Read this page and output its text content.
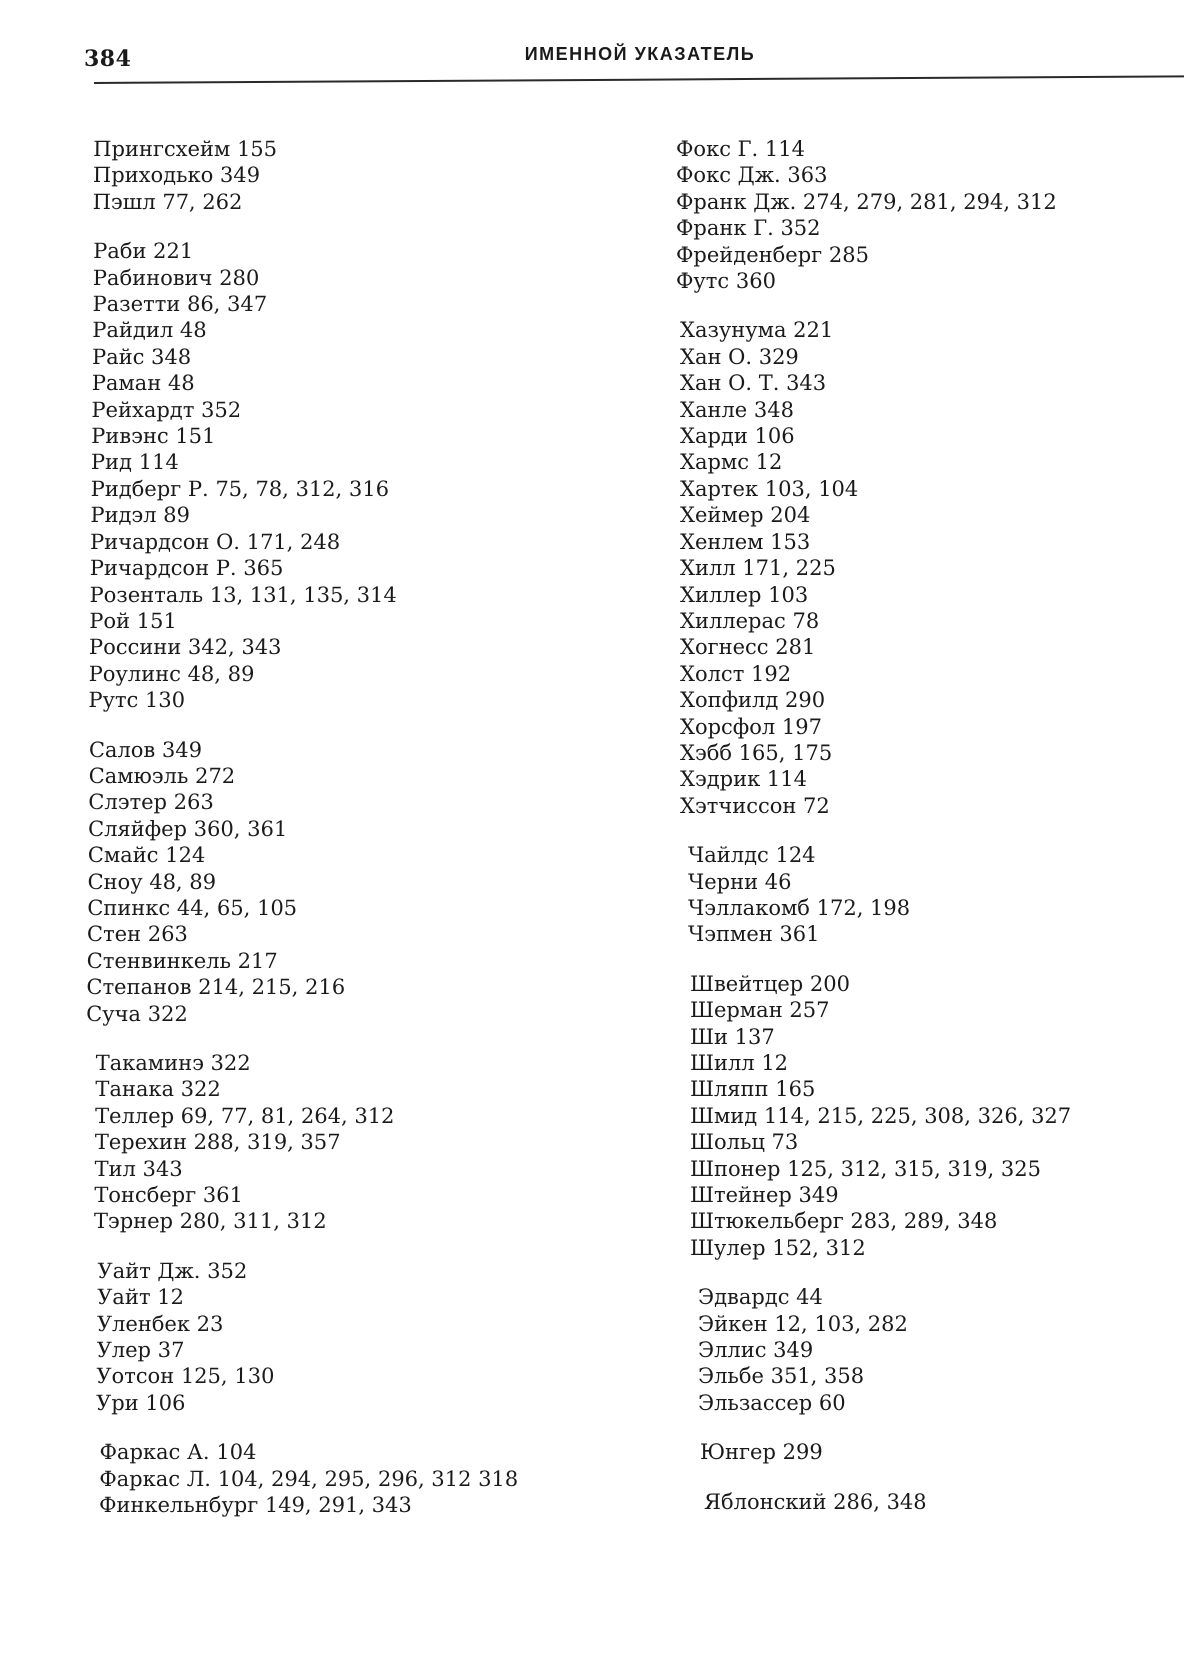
384	ИМЕННОЙ УКАЗАТЕЛЬ
Прингсхейм 155
Приходько 349
Пэшл 77, 262
Раби 221
Рабинович 280
Разетти 86, 347
Райдил 48
Райс 348
Раман 48
Рейхардт 352
Ривэнс 151
Рид 114
Ридберг Р. 75, 78, 312, 316
Ридэл 89
Ричардсон О. 171, 248
Ричардсон Р. 365
Розенталь 13, 131, 135, 314
Рой 151
Россини 342, 343
Роулинс 48, 89
Рутс 130
Салов 349
Самюэль 272
Слэтер 263
Сляйфер 360, 361
Смайс 124
Сноу 48, 89
Спинкс 44, 65, 105
Стен 263
Стенвинкель 217
Степанов 214, 215, 216
Суча 322
Такаминэ 322
Танака 322
Теллер 69, 77, 81, 264, 312
Терехин 288, 319, 357
Тил 343
Тонсберг 361
Тэрнер 280, 311, 312
Уайт Дж. 352
Уайт 12
Уленбек 23
Улер 37
Уотсон 125, 130
Ури 106
Фаркас А. 104
Фаркас Л. 104, 294, 295, 296, 312 318
Финкельнбург 149, 291, 343
Фокс Г. 114
Фокс Дж. 363
Франк Дж. 274, 279, 281, 294, 312
Франк Г. 352
Фрейденберг 285
Футс 360
Хазунума 221
Хан О. 329
Хан О. Т. 343
Ханле 348
Харди 106
Хармс 12
Хартек 103, 104
Хеймер 204
Хенлем 153
Хилл 171, 225
Хиллер 103
Хиллерас 78
Хогнесс 281
Холст 192
Хопфилд 290
Хорсфол 197
Хэбб 165, 175
Хэдрик 114
Хэтчиссон 72
Чайлдс 124
Черни 46
Чэллакомб 172, 198
Чэпмен 361
Швейтцер 200
Шерман 257
Ши 137
Шилл 12
Шляпп 165
Шмид 114, 215, 225, 308, 326, 327
Шольц 73
Шпонер 125, 312, 315, 319, 325
Штейнер 349
Штюкельберг 283, 289, 348
Шулер 152, 312
Эдвардс 44
Эйкен 12, 103, 282
Эллис 349
Эльбе 351, 358
Эльзассер 60
Юнгер 299
Яблонский 286, 348
